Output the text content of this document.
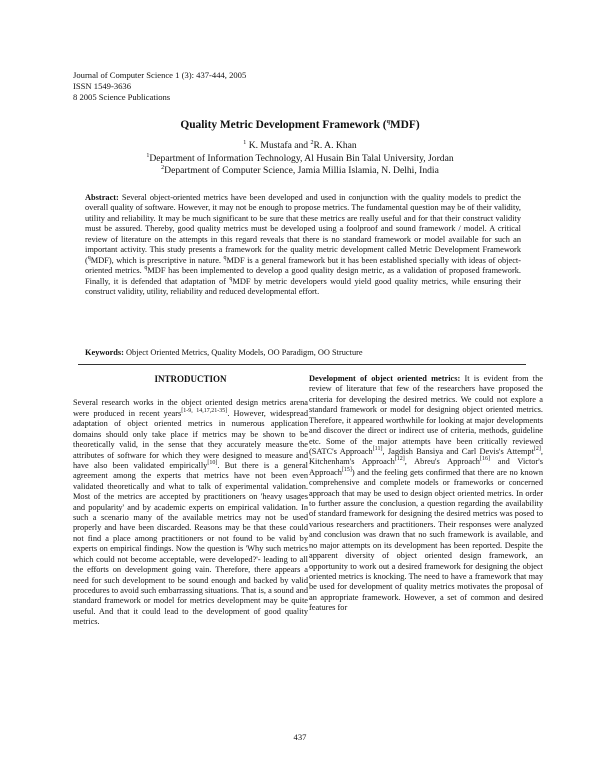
Journal of Computer Science 1 (3): 437-444, 2005
ISSN 1549-3636
8 2005 Science Publications
Quality Metric Development Framework ($^q$MDF)
$^1$ K. Mustafa and $^2$R. A. Khan
$^1$Department of Information Technology, Al Husain Bin Talal University, Jordan
$^2$Department of Computer Science, Jamia Millia Islamia, N. Delhi, India
Abstract: Several object-oriented metrics have been developed and used in conjunction with the quality models to predict the overall quality of software. However, it may not be enough to propose metrics. The fundamental question may be of their validity, utility and reliability. It may be much significant to be sure that these metrics are really useful and for that their construct validity must be assured. Thereby, good quality metrics must be developed using a foolproof and sound framework / model. A critical review of literature on the attempts in this regard reveals that there is no standard framework or model available for such an important activity. This study presents a framework for the quality metric development called Metric Development Framework ($^q$MDF), which is prescriptive in nature. $^q$MDF is a general framework but it has been established specially with ideas of object-oriented metrics. $^q$MDF has been implemented to develop a good quality design metric, as a validation of proposed framework. Finally, it is defended that adaptation of $^q$MDF by metric developers would yield good quality metrics, while ensuring their construct validity, utility, reliability and reduced developmental effort.
Keywords: Object Oriented Metrics, Quality Models, OO Paradigm, OO Structure
INTRODUCTION

Several research works in the object oriented design metrics arena were produced in recent years[1-9, 14,17,21-35]. However, widespread adaptation of object oriented metrics in numerous application domains should only take place if metrics may be shown to be theoretically valid, in the sense that they accurately measure the attributes of software for which they were designed to measure and have also been validated empirically[10]. But there is a general agreement among the experts that metrics have not been even validated theoretically and what to talk of experimental validation. Most of the metrics are accepted by practitioners on 'heavy usages and popularity' and by academic experts on empirical validation. In such a scenario many of the available metrics may not be used properly and have been discarded. Reasons may be that these could not find a place among practitioners or not found to be valid by experts on empirical findings. Now the question is 'Why such metrics which could not become acceptable, were developed?'- leading to all the efforts on development going vain. Therefore, there appears a need for such development to be sound enough and backed by valid procedures to avoid such embarrassing situations. That is, a sound and standard framework or model for metrics development may be quite useful. And that it could lead to the development of good quality metrics.

Development of object oriented metrics: It is evident from the review of literature that few of the researchers have proposed the criteria for developing the desired metrics. We could not explore a standard framework or model for designing object oriented metrics. Therefore, it appeared worthwhile for looking at major developments and discover the direct or indirect use of criteria, methods, guideline etc. Some of the major attempts have been critically reviewed (SATC's Approach[11], Jagdish Bansiya and Carl Devis's Attempt[2], Kitchenham's Approach[12], Abreu's Approach[16] and Victor's Approach[15]) and the feeling gets confirmed that there are no known comprehensive and complete models or frameworks or concerned approach that may be used to design object oriented metrics. In order to further assure the conclusion, a question regarding the availability of standard framework for designing the desired metrics was posed to various researchers and practitioners. Their responses were analyzed and conclusion was drawn that no such framework is available, and no major attempts on its development has been reported. Despite the apparent diversity of object oriented design framework, an opportunity to work out a desired framework for designing the object oriented metrics is knocking. The need to have a framework that may be used for development of quality metrics motivates the proposal of an appropriate framework. However, a set of common and desired features for

437
